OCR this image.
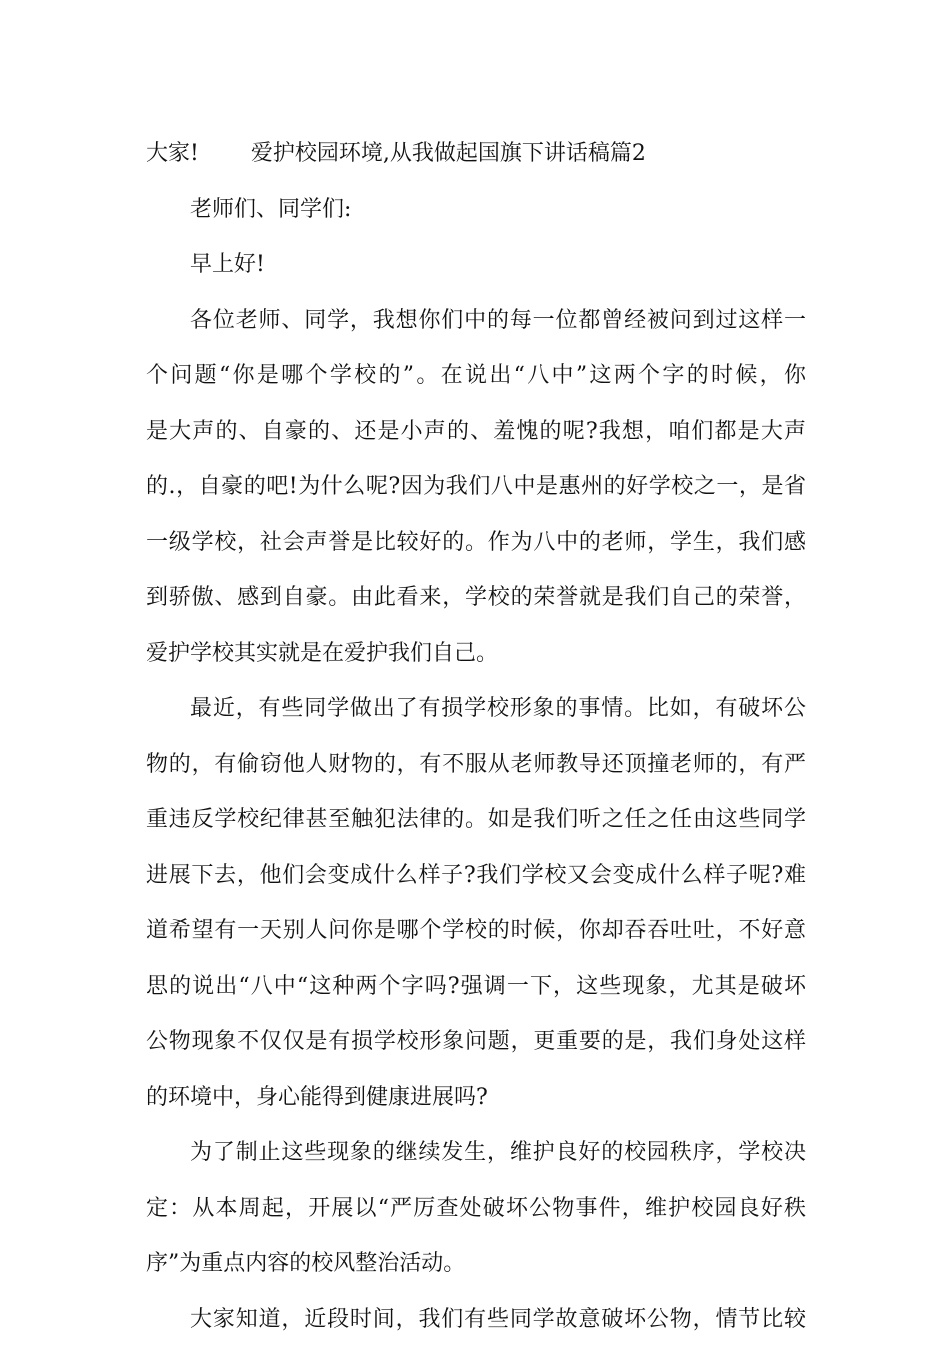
大家! 爱护校园环境,从我做起国旗下讲话稿篇2
老师们、同学们:
早上好!
各位老师、同学，我想你们中的每一位都曾经被问到过这样一
个问题“你是哪个学校的”。在说出“八中”这两个字的时候，你
是大声的、自豪的、还是小声的、羞愧的呢?我想，咱们都是大声
的.，自豪的吧!为什么呢?因为我们八中是惠州的好学校之一，是省
一级学校，社会声誉是比较好的。作为八中的老师，学生，我们感
到骄傲、感到自豪。由此看来，学校的荣誉就是我们自己的荣誉，
爱护学校其实就是在爱护我们自己。
最近，有些同学做出了有损学校形象的事情。比如，有破坏公
物的，有偷窃他人财物的，有不服从老师教导还顶撞老师的，有严
重违反学校纪律甚至触犯法律的。如是我们听之任之任由这些同学
进展下去，他们会变成什么样子?我们学校又会变成什么样子呢?难
道希望有一天别人问你是哪个学校的时候，你却吞吞吐吐，不好意
思的说出“八中“这种两个字吗?强调一下，这些现象，尤其是破坏
公物现象不仅仅是有损学校形象问题，更重要的是，我们身处这样
的环境中，身心能得到健康进展吗?
为了制止这些现象的继续发生，维护良好的校园秩序，学校决
定：从本周起，开展以“严厉查处破坏公物事件，维护校园良好秩
序”为重点内容的校风整治活动。
大家知道，近段时间，我们有些同学故意破坏公物，情节比较
